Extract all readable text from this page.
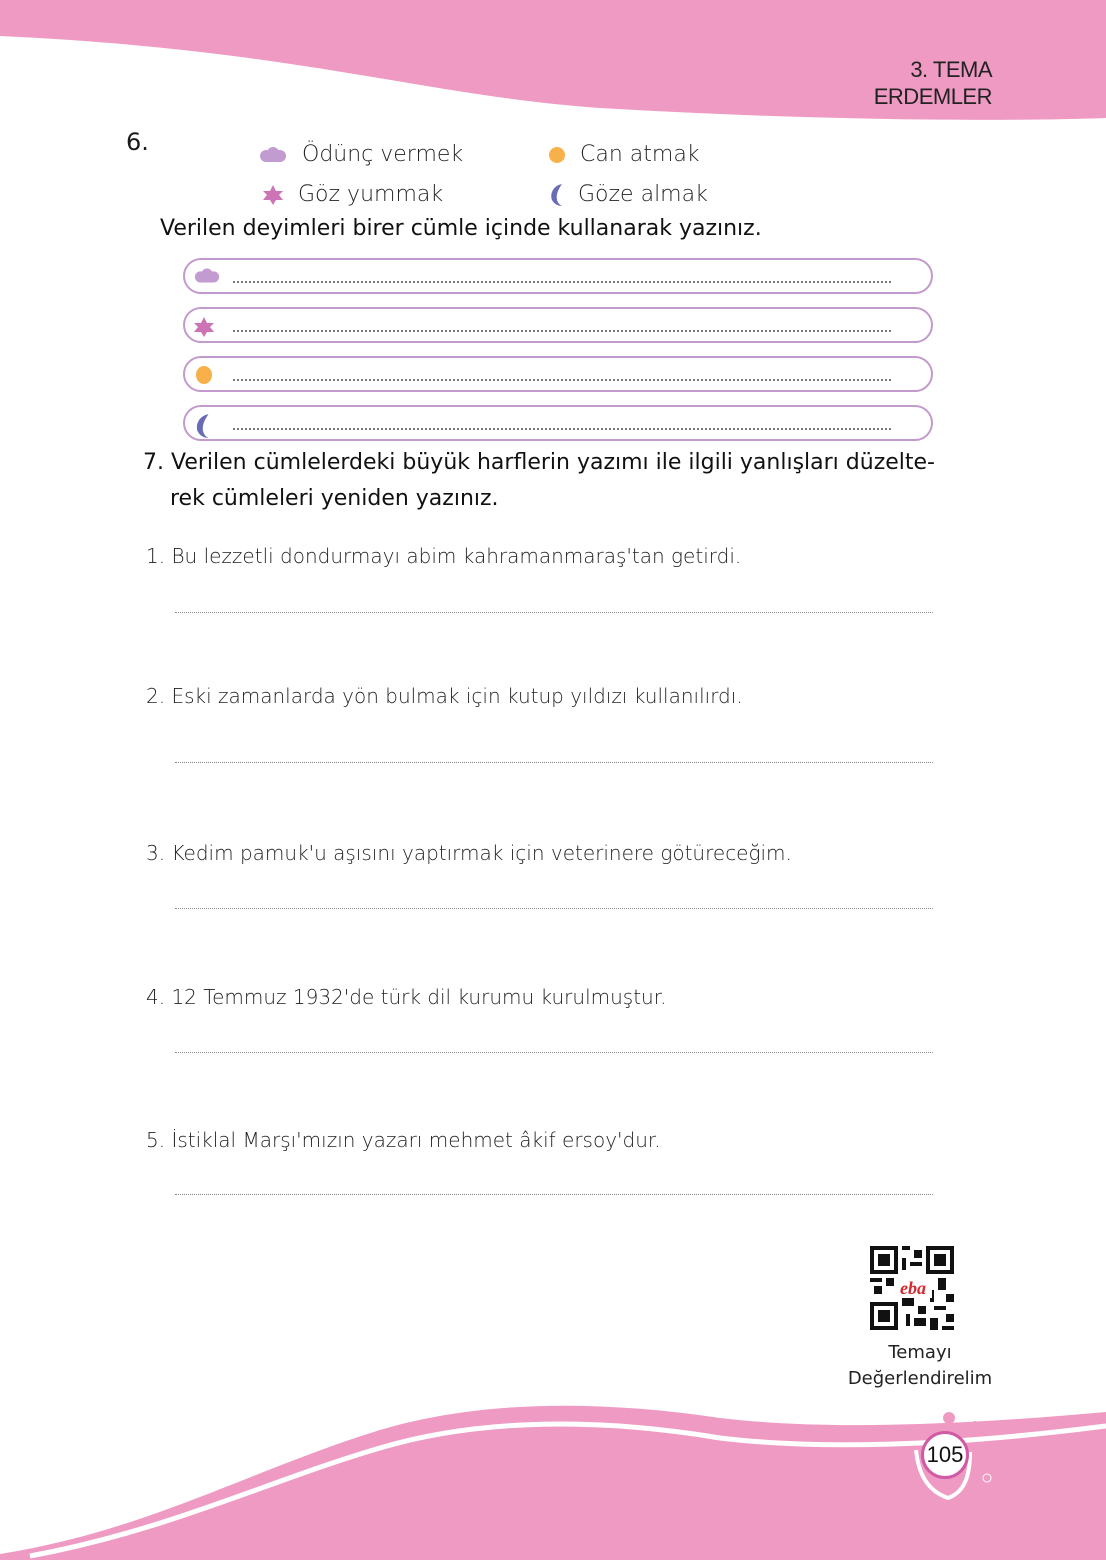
3. TEMA
ERDEMLER
6.	Ödünç vermek	Can atmak
Göz yummak	Göze almak
Verilen deyimleri birer cümle içinde kullanarak yazınız.
7. Verilen cümlelerdeki büyük harflerin yazımı ile ilgili yanlışları düzelte-
rek cümleleri yeniden yazınız.
1. Bu lezzetli dondurmayı abim kahramanmaraş'tan getirdi.
2. Eski zamanlarda yön bulmak için kutup yıldızı kullanılırdı.
3. Kedim pamuk'u aşısını yaptırmak için veterinere götüreceğim.
4. 12 Temmuz 1932'de türk dil kurumu kurulmuştur.
5. İstiklal Marşı'mızın yazarı mehmet âkif ersoy'dur.
eba
Temayı
Değerlendirelim
105
